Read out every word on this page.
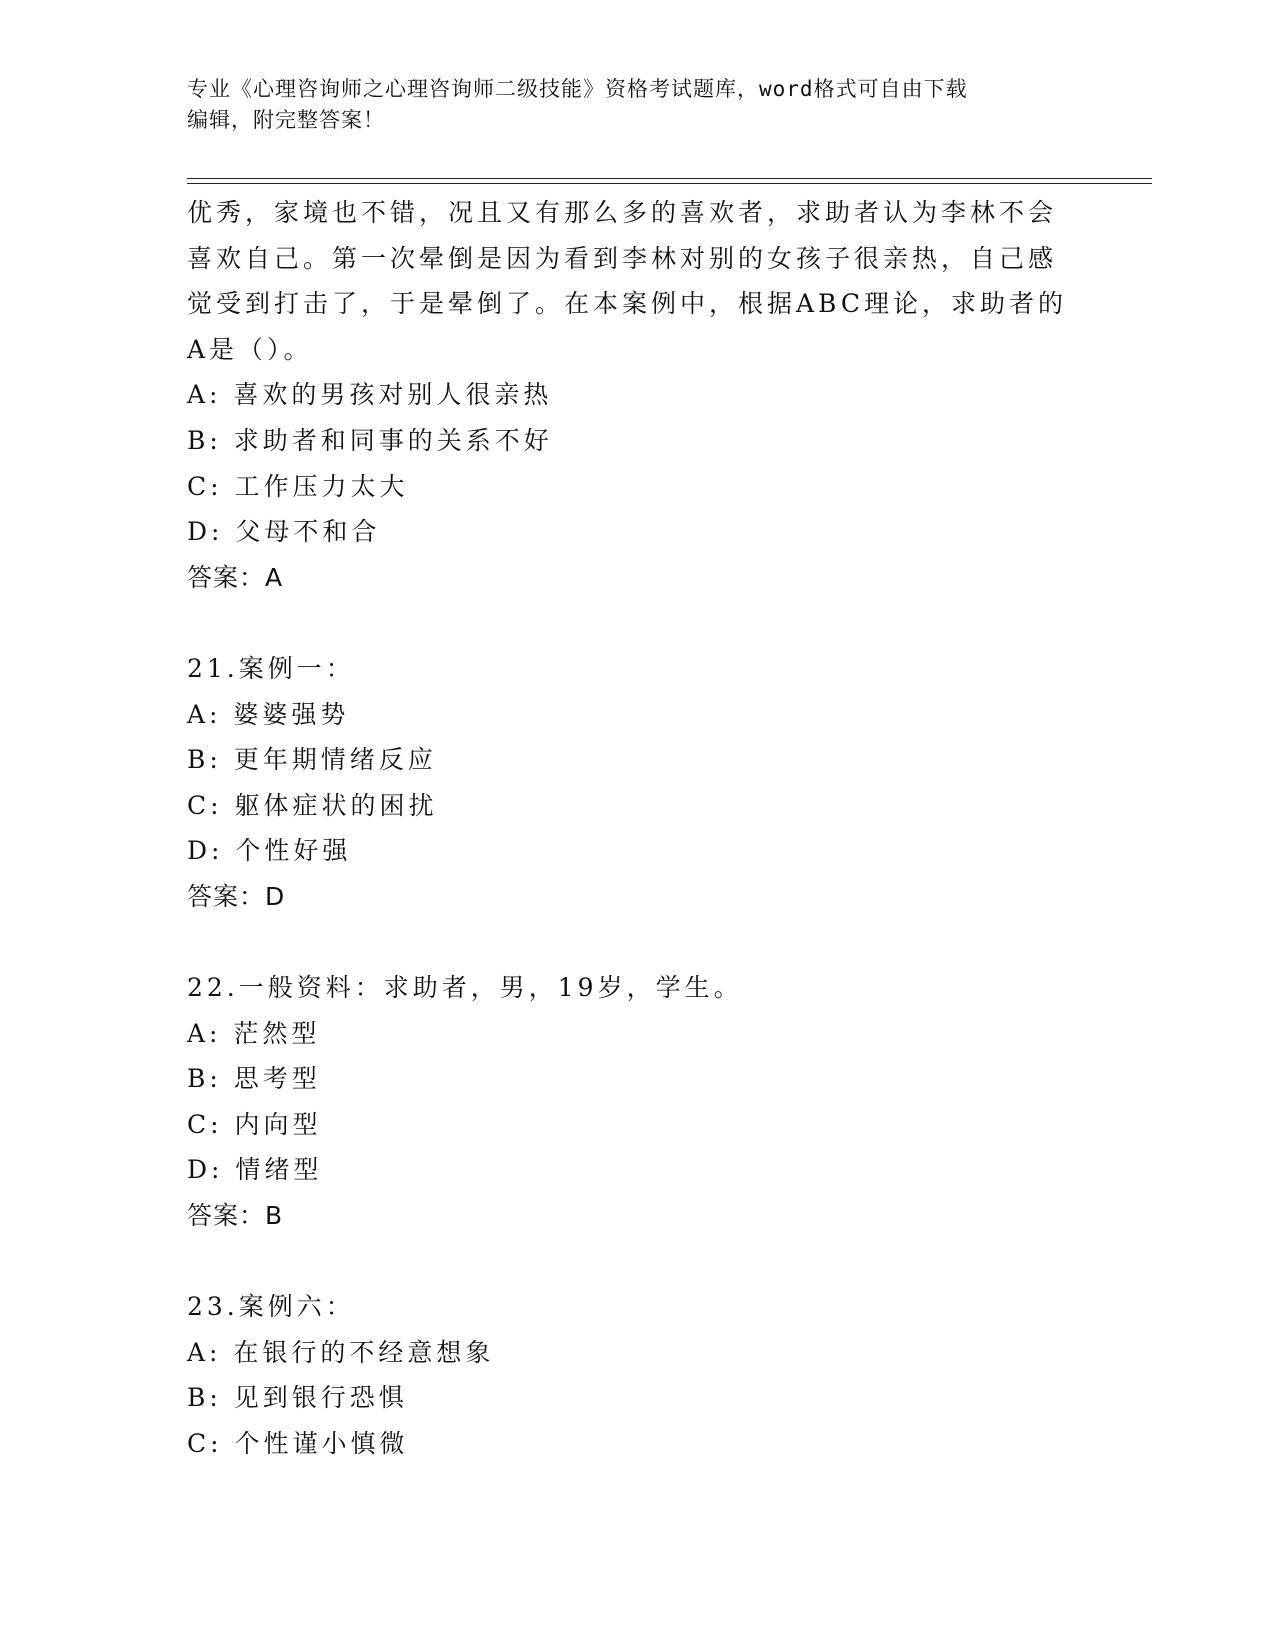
专业《心理咨询师之心理咨询师二级技能》资格考试题库，word格式可自由下载
编辑，附完整答案！
优秀，家境也不错，况且又有那么多的喜欢者，求助者认为李林不会
喜欢自己。第一次晕倒是因为看到李林对别的女孩子很亲热，自己感
觉受到打击了，于是晕倒了。在本案例中，根据ABC理论，求助者的
A是（）。
A: 喜欢的男孩对别人很亲热
B: 求助者和同事的关系不好
C: 工作压力太大
D: 父母不和合
答案：A
21.案例一：
A: 婆婆强势
B: 更年期情绪反应
C: 躯体症状的困扰
D: 个性好强
答案：D
22.一般资料：求助者，男，19岁，学生。
A: 茫然型
B: 思考型
C: 内向型
D: 情绪型
答案：B
23.案例六：
A: 在银行的不经意想象
B: 见到银行恐惧
C: 个性谨小慎微
